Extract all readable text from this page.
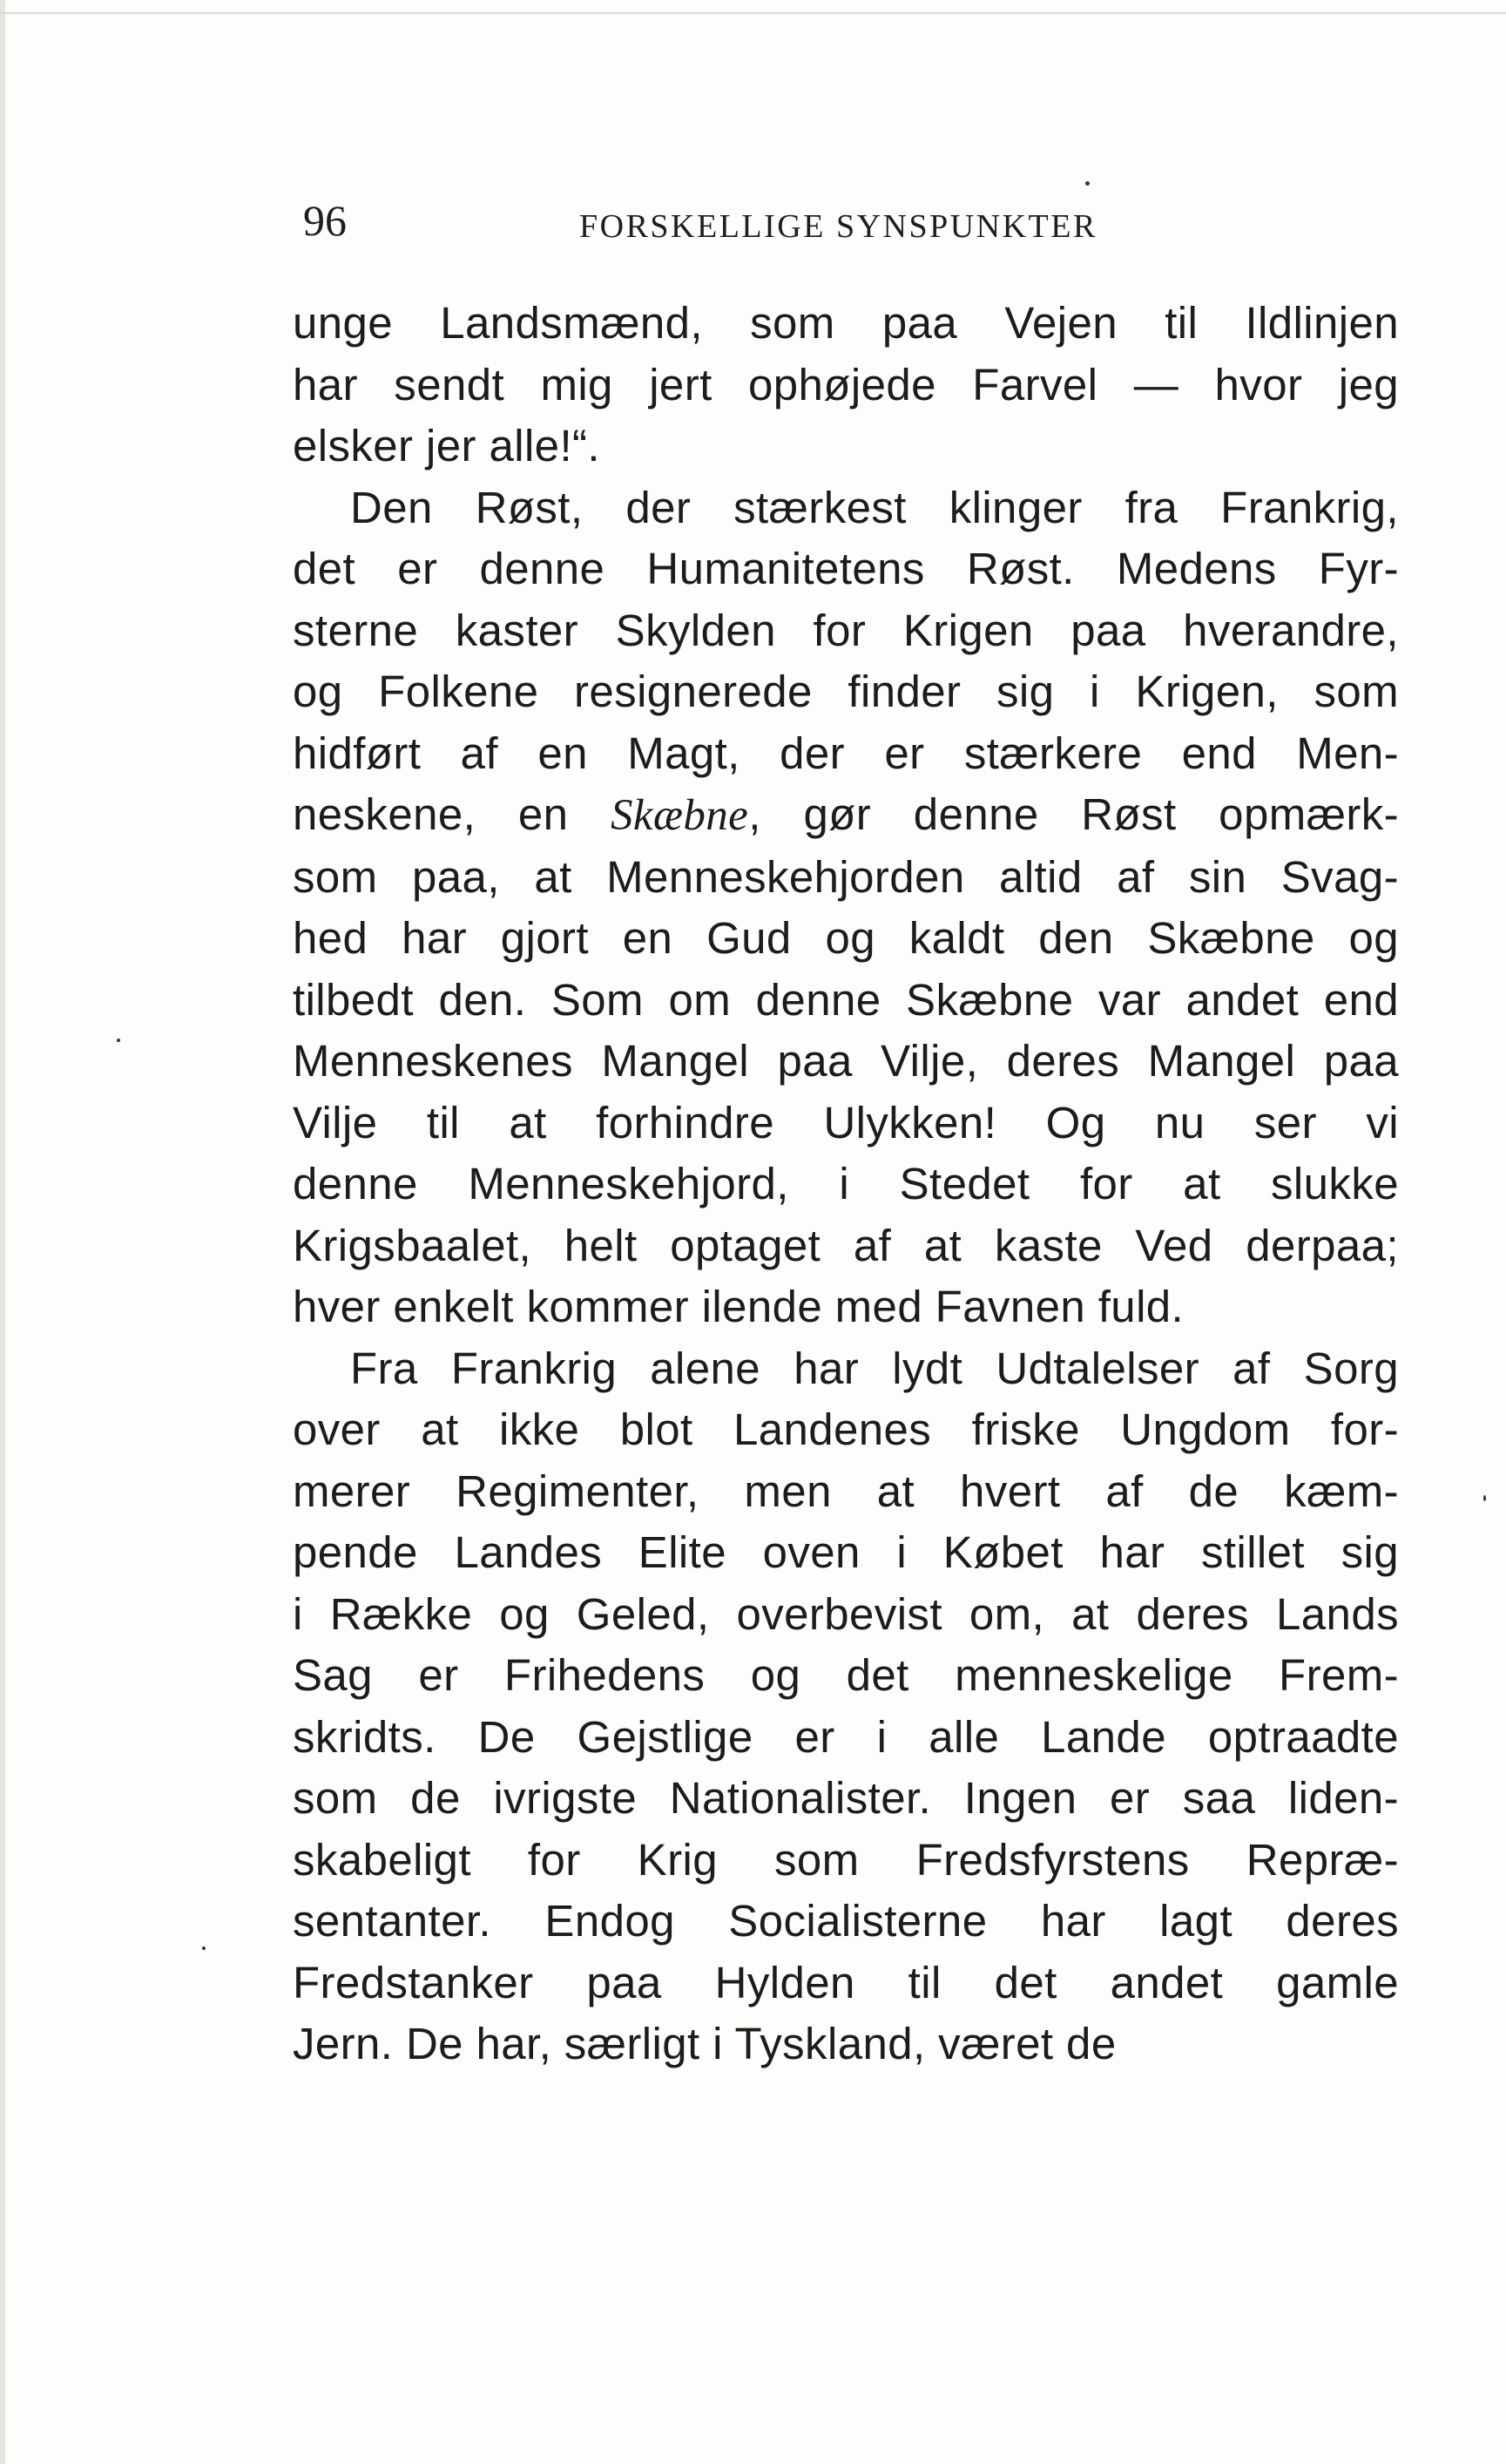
96	FORSKELLIGE SYNSPUNKTER
unge Landsmænd, som paa Vejen til Ildlinjen
har sendt mig jert ophøjede Farvel — hvor jeg
elsker jer alle!“.
Den Røst, der stærkest klinger fra Frankrig,
det er denne Humanitetens Røst. Medens Fyr-
sterne kaster Skylden for Krigen paa hverandre,
og Folkene resignerede finder sig i Krigen, som
hidført af en Magt, der er stærkere end Men-
neskene, en Skæbne, gør denne Røst opmærk-
som paa, at Menneskehjorden altid af sin Svag-
hed har gjort en Gud og kaldt den Skæbne og
tilbedt den. Som om denne Skæbne var andet end
Menneskenes Mangel paa Vilje, deres Mangel paa
Vilje til at forhindre Ulykken! Og nu ser vi
denne Menneskehjord, i Stedet for at slukke
Krigsbaalet, helt optaget af at kaste Ved derpaa;
hver enkelt kommer ilende med Favnen fuld.
Fra Frankrig alene har lydt Udtalelser af Sorg
over at ikke blot Landenes friske Ungdom for-
merer Regimenter, men at hvert af de kæm-
pende Landes Elite oven i Købet har stillet sig
i Række og Geled, overbevist om, at deres Lands
Sag er Frihedens og det menneskelige Frem-
skridts. De Gejstlige er i alle Lande optraadte
som de ivrigste Nationalister. Ingen er saa liden-
skabeligt for Krig som Fredsfyrstens Repræ-
sentanter. Endog Socialisterne har lagt deres
Fredstanker paa Hylden til det andet gamle
Jern. De har, særligt i Tyskland, været de
